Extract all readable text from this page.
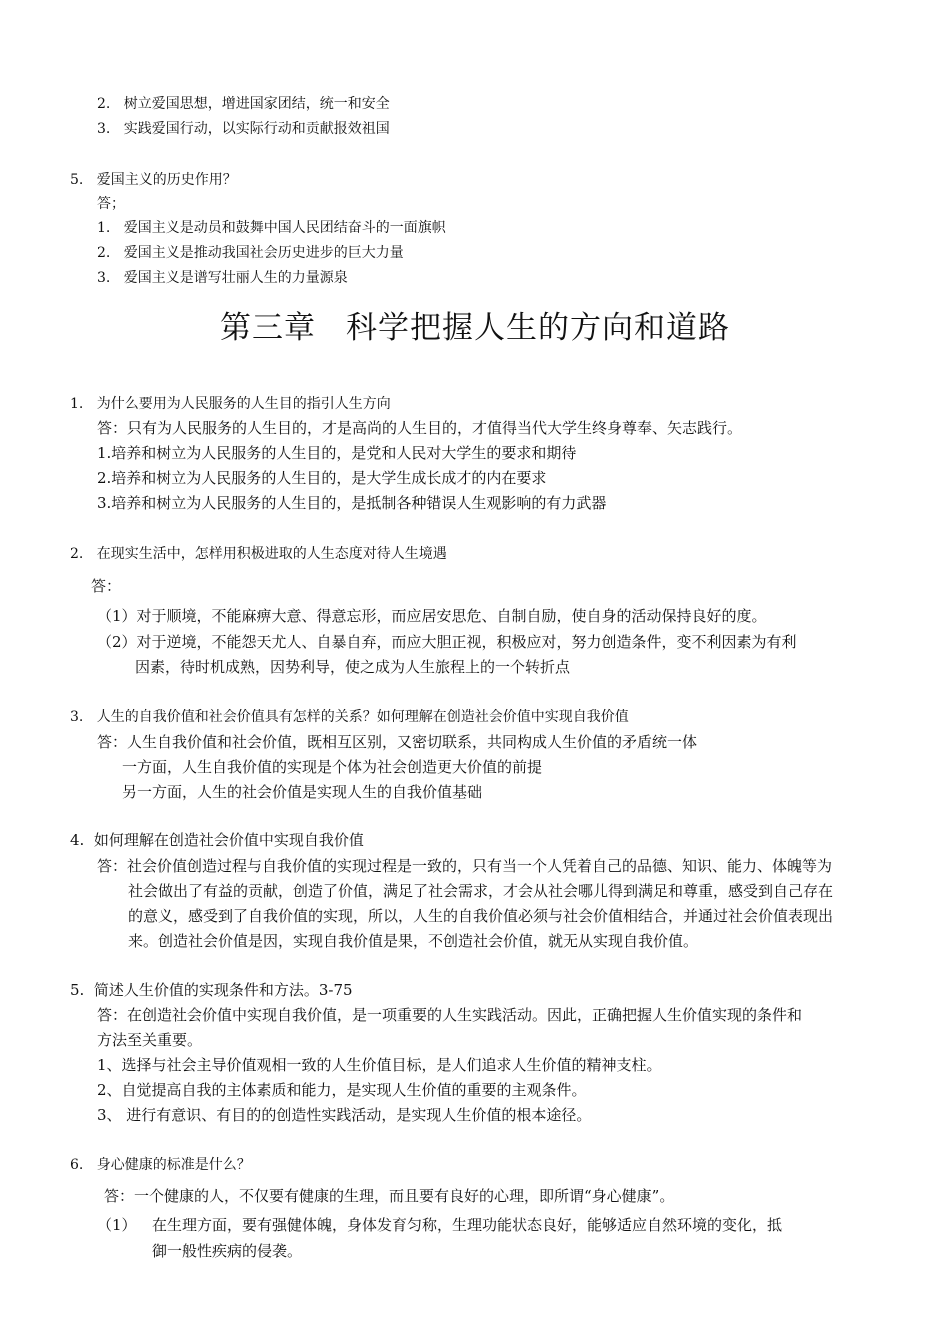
2.   树立爱国思想，增进国家团结，统一和安全
3.   实践爱国行动，以实际行动和贡献报效祖国
5.   爱国主义的历史作用？
答；
1.   爱国主义是动员和鼓舞中国人民团结奋斗的一面旗帜
2.   爱国主义是推动我国社会历史进步的巨大力量
3.   爱国主义是谱写壮丽人生的力量源泉
第三章 科学把握人生的方向和道路
1.   为什么要用为人民服务的人生目的指引人生方向
答：只有为人民服务的人生目的，才是高尚的人生目的，才值得当代大学生终身尊奉、矢志践行。
1.培养和树立为人民服务的人生目的，是党和人民对大学生的要求和期待
2.培养和树立为人民服务的人生目的，是大学生成长成才的内在要求
3.培养和树立为人民服务的人生目的，是抵制各种错误人生观影响的有力武器
2.   在现实生活中，怎样用积极进取的人生态度对待人生境遇
答：
（1）对于顺境，不能麻痹大意、得意忘形，而应居安思危、自制自励，使自身的活动保持良好的度。
（2）对于逆境，不能怨天尤人、自暴自弃，而应大胆正视，积极应对，努力创造条件，变不利因素为有利
因素，待时机成熟，因势利导，使之成为人生旅程上的一个转折点
3.   人生的自我价值和社会价值具有怎样的关系？如何理解在创造社会价值中实现自我价值
答：人生自我价值和社会价值，既相互区别，又密切联系，共同构成人生价值的矛盾统一体
一方面，人生自我价值的实现是个体为社会创造更大价值的前提
另一方面，人生的社会价值是实现人生的自我价值基础
4.  如何理解在创造社会价值中实现自我价值
答：社会价值创造过程与自我价值的实现过程是一致的，只有当一个人凭着自己的品德、知识、能力、体魄等为
社会做出了有益的贡献，创造了价值，满足了社会需求，才会从社会哪儿得到满足和尊重，感受到自己存在
的意义，感受到了自我价值的实现，所以，人生的自我价值必须与社会价值相结合，并通过社会价值表现出
来。创造社会价值是因，实现自我价值是果，不创造社会价值，就无从实现自我价值。
5.  简述人生价值的实现条件和方法。3-75
答：在创造社会价值中实现自我价值，是一项重要的人生实践活动。因此，正确把握人生价值实现的条件和
方法至关重要。
1、选择与社会主导价值观相一致的人生价值目标，是人们追求人生价值的精神支柱。
2、自觉提高自我的主体素质和能力，是实现人生价值的重要的主观条件。
3、 进行有意识、有目的的创造性实践活动，是实现人生价值的根本途径。
6.   身心健康的标准是什么？
答：一个健康的人，不仅要有健康的生理，而且要有良好的心理，即所谓“身心健康”。
（1） 在生理方面，要有强健体魄，身体发育匀称，生理功能状态良好，能够适应自然环境的变化，抵
御一般性疾病的侵袭。
